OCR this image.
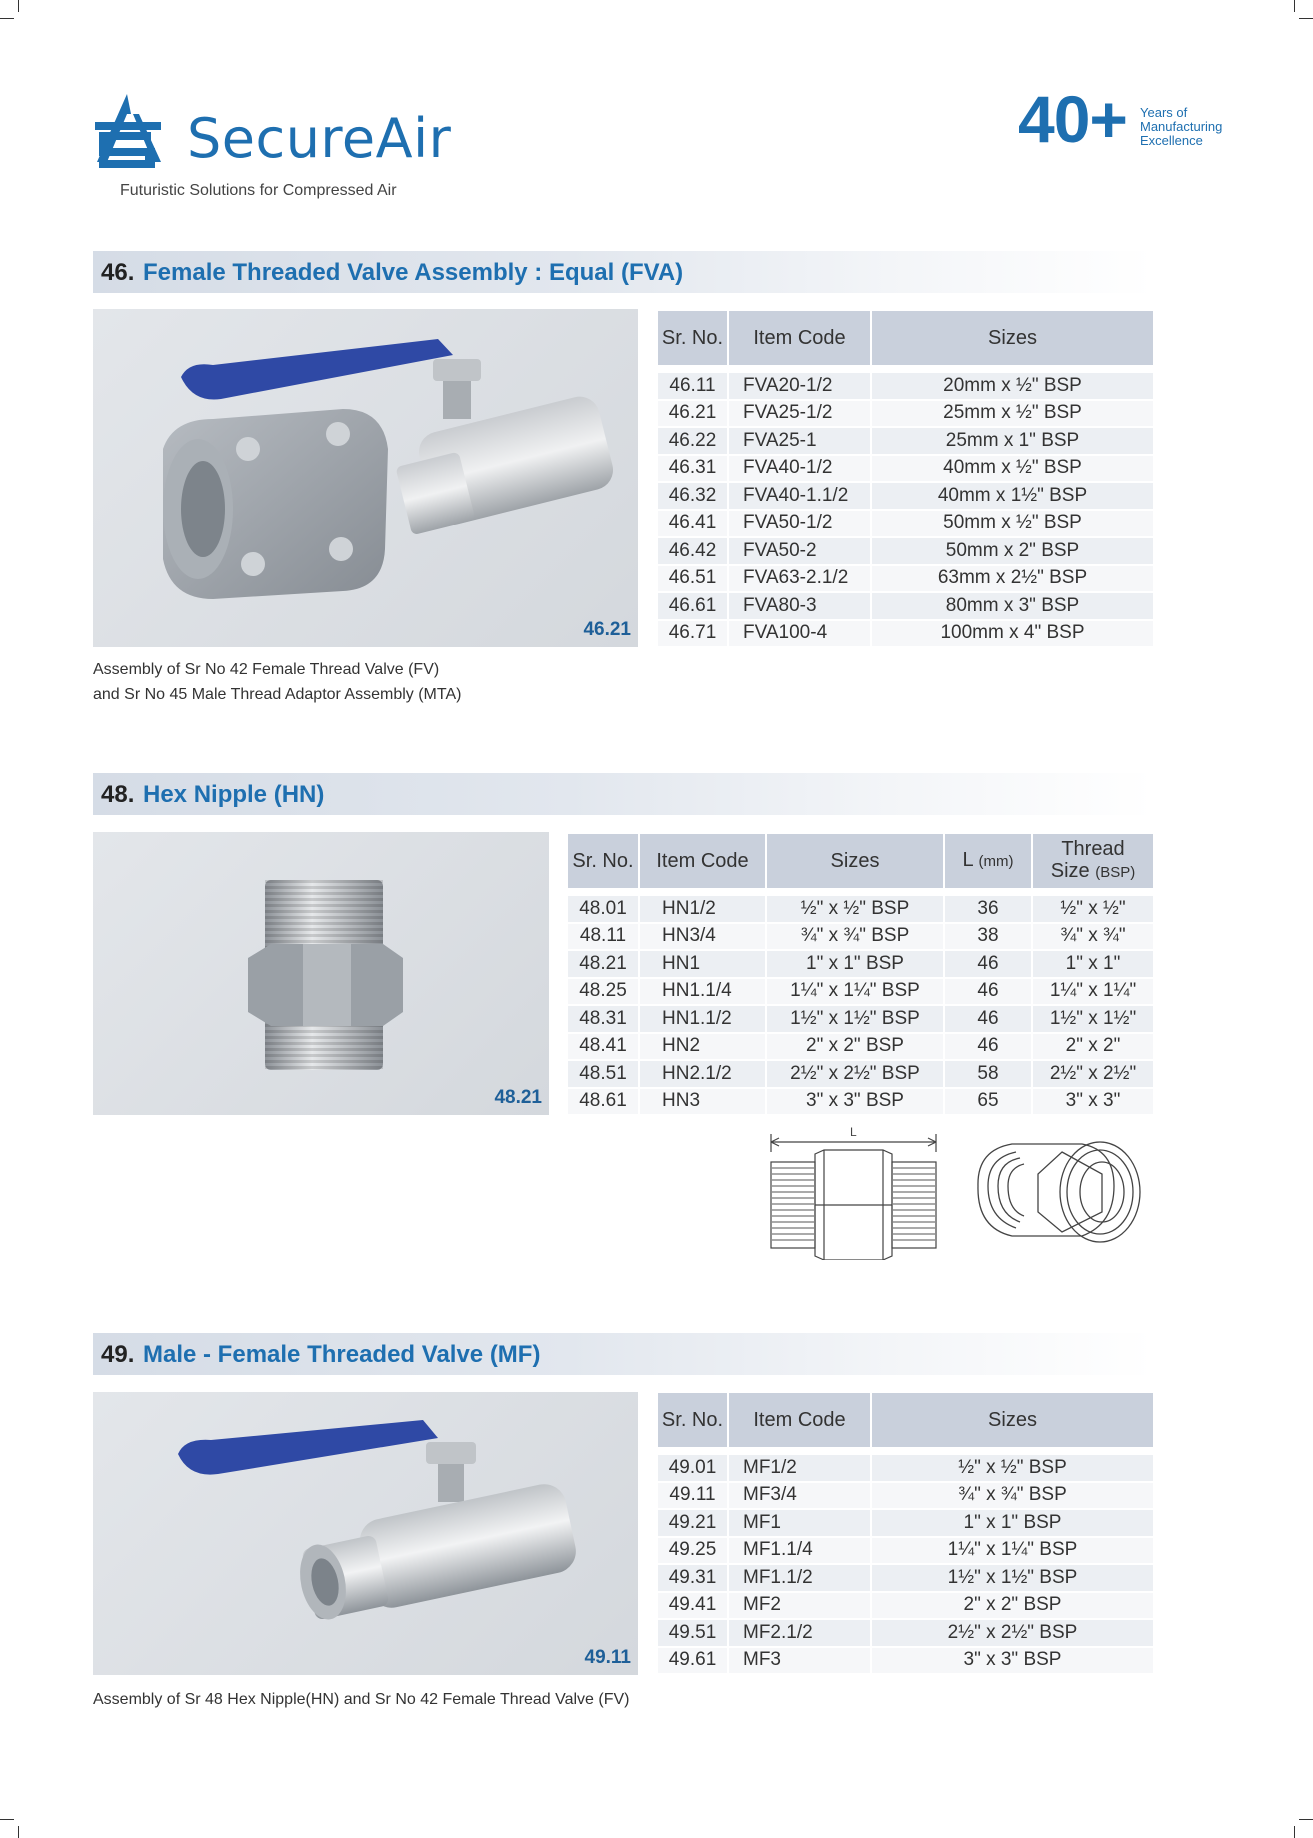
SecureAir
Futuristic Solutions for Compressed Air
40+ Years of
Manufacturing
Excellence
46. Female Threaded Valve Assembly : Equal (FVA)
46.21
Sr. No.	Item Code	Sizes

46.11	FVA20-1/2	20mm x ½" BSP
46.21	FVA25-1/2	25mm x ½" BSP
46.22	FVA25-1	25mm x 1" BSP
46.31	FVA40-1/2	40mm x ½" BSP
46.32	FVA40-1.1/2	40mm x 1½" BSP
46.41	FVA50-1/2	50mm x ½" BSP
46.42	FVA50-2	50mm x 2" BSP
46.51	FVA63-2.1/2	63mm x 2½" BSP
46.61	FVA80-3	80mm x 3" BSP
46.71	FVA100-4	100mm x 4" BSP
Assembly of Sr No 42 Female Thread Valve (FV)
and Sr No 45 Male Thread Adaptor Assembly (MTA)
48. Hex Nipple (HN)
48.21
Sr. No.	Item Code	Sizes	L (mm)	Thread
Size (BSP)

48.01	HN1/2	½" x ½" BSP	36	½" x ½"
48.11	HN3/4	¾" x ¾" BSP	38	¾" x ¾"
48.21	HN1	1" x 1" BSP	46	1" x 1"
48.25	HN1.1/4	1¼" x 1¼" BSP	46	1¼" x 1¼"
48.31	HN1.1/2	1½" x 1½" BSP	46	1½" x 1½"
48.41	HN2	2" x 2" BSP	46	2" x 2"
48.51	HN2.1/2	2½" x 2½" BSP	58	2½" x 2½"
48.61	HN3	3" x 3" BSP	65	3" x 3"
L
49. Male - Female Threaded Valve (MF)
49.11
Sr. No.	Item Code	Sizes

49.01	MF1/2	½" x ½" BSP
49.11	MF3/4	¾" x ¾" BSP
49.21	MF1	1" x 1" BSP
49.25	MF1.1/4	1¼" x 1¼" BSP
49.31	MF1.1/2	1½" x 1½" BSP
49.41	MF2	2" x 2" BSP
49.51	MF2.1/2	2½" x 2½" BSP
49.61	MF3	3" x 3" BSP
Assembly of Sr 48 Hex Nipple(HN) and Sr No 42 Female Thread Valve (FV)
